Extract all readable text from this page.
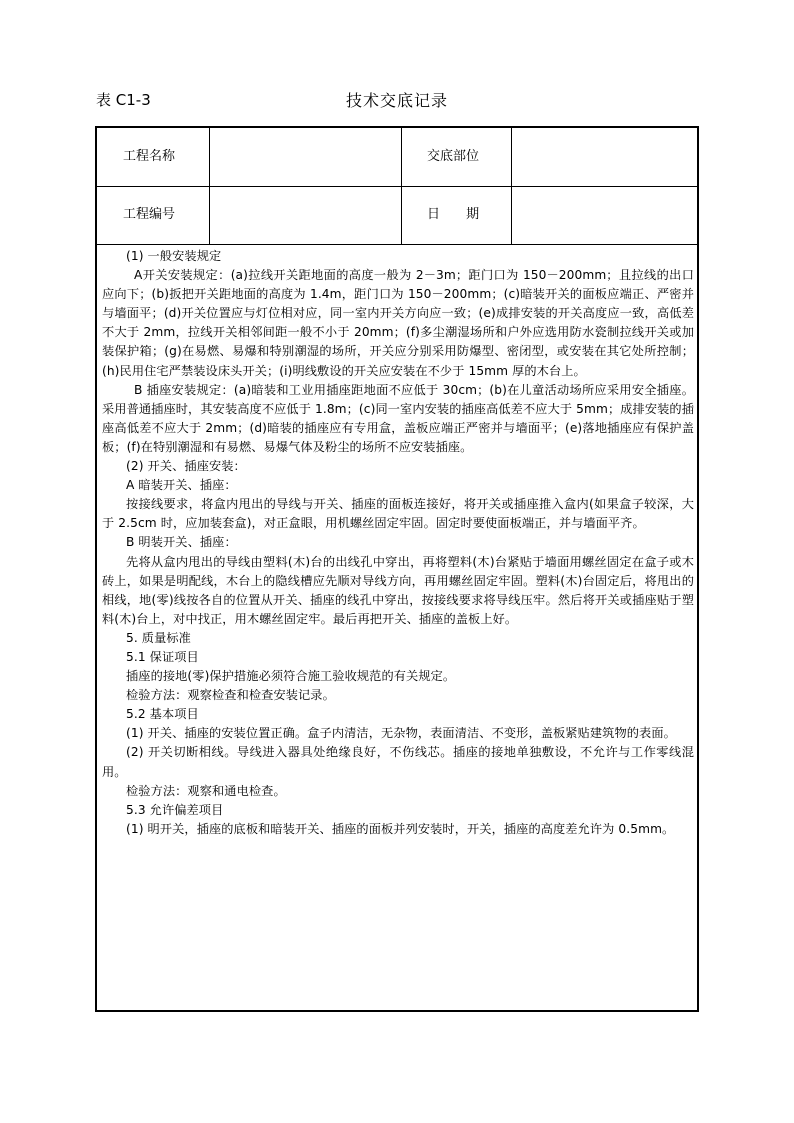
表 C1-3	技术交底记录
工程名称	交底部位
工程编号	日 期

(1) 一般安装规定

A开关安装规定：(a)拉线开关距地面的高度一般为 2－3m；距门口为 150－200mm；且拉线的出口应向下；(b)扳把开关距地面的高度为 1.4m，距门口为 150－200mm；(c)暗装开关的面板应端正、严密并与墙面平；(d)开关位置应与灯位相对应，同一室内开关方向应一致；(e)成排安装的开关高度应一致，高低差不大于 2mm，拉线开关相邻间距一般不小于 20mm；(f)多尘潮湿场所和户外应选用防水瓷制拉线开关或加装保护箱；(g)在易燃、易爆和特别潮湿的场所，开关应分别采用防爆型、密闭型，或安装在其它处所控制；(h)民用住宅严禁装设床头开关；(i)明线敷设的开关应安装在不少于 15mm 厚的木台上。

B 插座安装规定：(a)暗装和工业用插座距地面不应低于 30cm；(b)在儿童活动场所应采用安全插座。采用普通插座时，其安装高度不应低于 1.8m；(c)同一室内安装的插座高低差不应大于 5mm；成排安装的插座高低差不应大于 2mm；(d)暗装的插座应有专用盒，盖板应端正严密并与墙面平；(e)落地插座应有保护盖板；(f)在特别潮湿和有易燃、易爆气体及粉尘的场所不应安装插座。

(2) 开关、插座安装：

A 暗装开关、插座：

按接线要求，将盒内甩出的导线与开关、插座的面板连接好，将开关或插座推入盒内(如果盒子较深，大于 2.5cm 时，应加装套盒)，对正盒眼，用机螺丝固定牢固。固定时要使面板端正，并与墙面平齐。

B 明装开关、插座：

先将从盒内甩出的导线由塑料(木)台的出线孔中穿出，再将塑料(木)台紧贴于墙面用螺丝固定在盒子或木砖上，如果是明配线，木台上的隐线槽应先顺对导线方向，再用螺丝固定牢固。塑料(木)台固定后，将甩出的相线，地(零)线按各自的位置从开关、插座的线孔中穿出，按接线要求将导线压牢。然后将开关或插座贴于塑料(木)台上，对中找正，用木螺丝固定牢。最后再把开关、插座的盖板上好。

5. 质量标准

5.1 保证项目

插座的接地(零)保护措施必须符合施工验收规范的有关规定。

检验方法：观察检查和检查安装记录。

5.2 基本项目

(1) 开关、插座的安装位置正确。盒子内清洁，无杂物，表面清洁、不变形，盖板紧贴建筑物的表面。

(2) 开关切断相线。导线进入器具处绝缘良好，不伤线芯。插座的接地单独敷设，不允许与工作零线混用。

检验方法：观察和通电检查。

5.3 允许偏差项目

(1) 明开关，插座的底板和暗装开关、插座的面板并列安装时，开关，插座的高度差允许为 0.5mm。
